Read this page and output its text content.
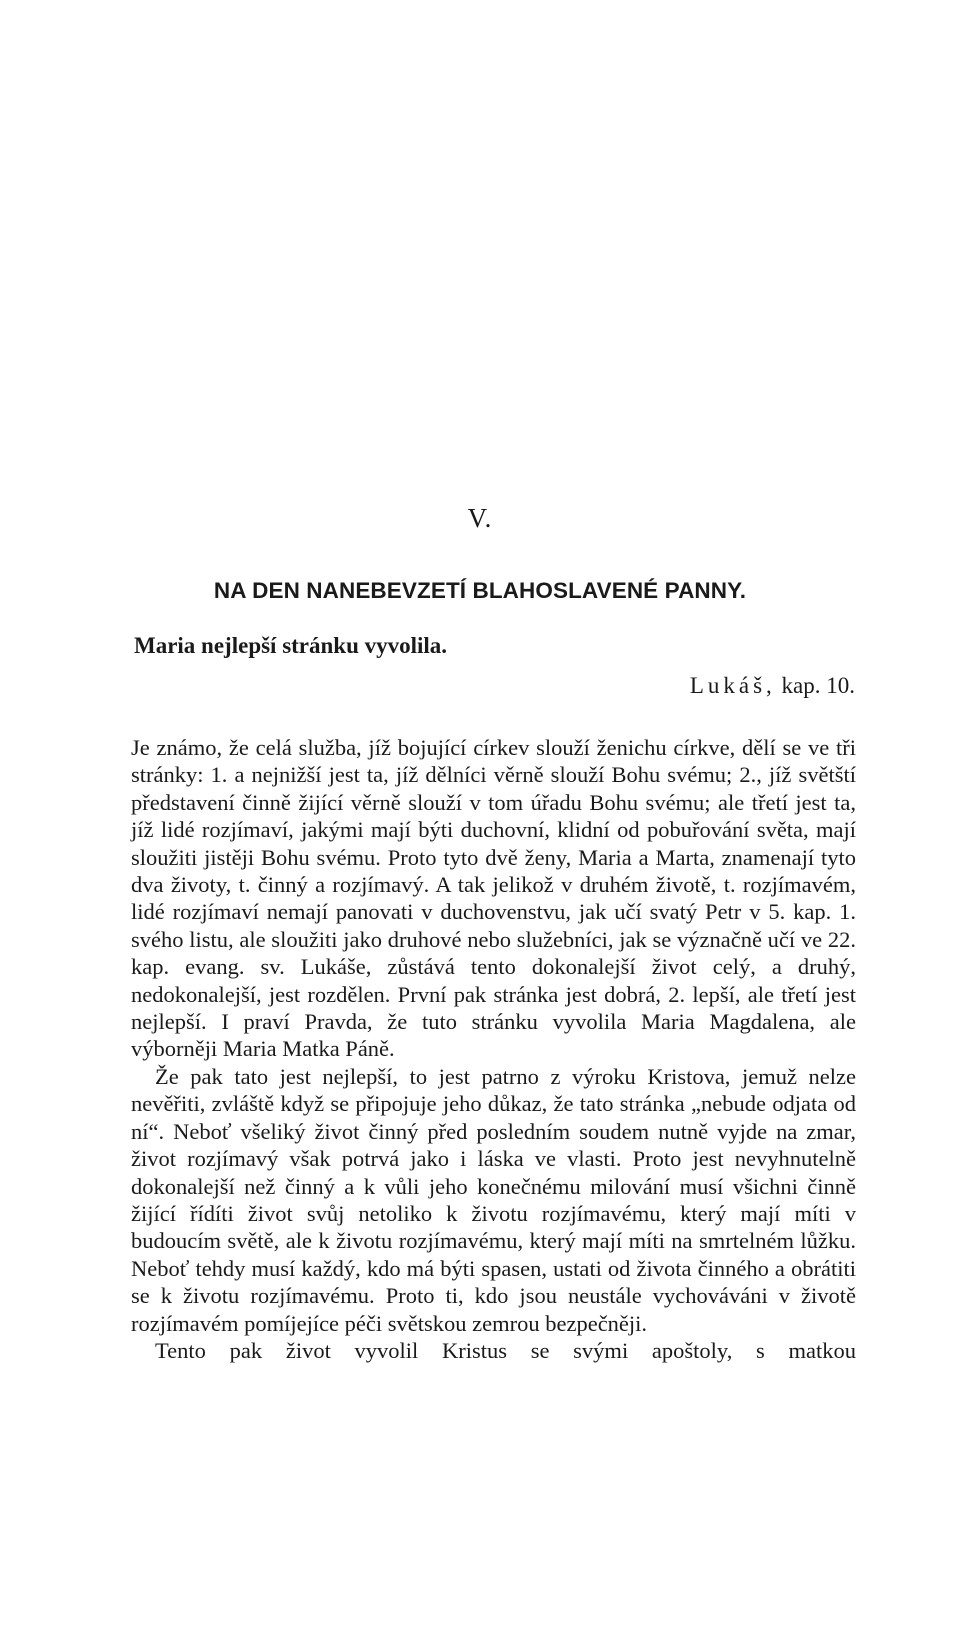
V.
NA DEN NANEBEVZETÍ BLAHOSLAVENÉ PANNY.
Maria nejlepší stránku vyvolila.
Lukáš, kap. 10.

Je známo, že celá služba, jíž bojující církev slouží ženichu církve, dělí se ve tři stránky: 1. a nejnižší jest ta, jíž dělníci věrně slouží Bohu svému; 2., jíž světští představení činně žijící věrně slouží v tom úřadu Bohu svému; ale třetí jest ta, jíž lidé rozjímaví, jakými mají býti duchovní, klidní od pobuřování světa, mají sloužiti jistěji Bohu svému. Proto tyto dvě ženy, Maria a Marta, znamenají tyto dva životy, t. činný a rozjímavý. A tak jelikož v druhém životě, t. rozjímavém, lidé rozjímaví nemají panovati v duchovenstvu, jak učí svatý Petr v 5. kap. 1. svého listu, ale sloužiti jako druhové nebo služebníci, jak se význačně učí ve 22. kap. evang. sv. Lukáše, zůstává tento dokonalejší život celý, a druhý, nedokonalejší, jest rozdělen. První pak stránka jest dobrá, 2. lepší, ale třetí jest nejlepší. I praví Pravda, že tuto stránku vyvolila Maria Magdalena, ale výborněji Maria Matka Páně.

Že pak tato jest nejlepší, to jest patrno z výroku Kristova, jemuž nelze nevěřiti, zvláště když se připojuje jeho důkaz, že tato stránka „nebude odjata od ní“. Neboť všeliký život činný před posledním soudem nutně vyjde na zmar, život rozjímavý však potrvá jako i láska ve vlasti. Proto jest nevyhnutelně dokonalejší než činný a k vůli jeho konečnému milování musí všichni činně žijící řídíti život svůj netoliko k životu rozjímavému, který mají míti v budoucím světě, ale k životu rozjímavému, který mají míti na smrtelném lůžku. Neboť tehdy musí každý, kdo má býti spasen, ustati od života činného a obrátiti se k životu rozjímavému. Proto ti, kdo jsou neustále vychováváni v životě rozjímavém pomíjejíce péči světskou zemrou bezpečněji.

Tento pak život vyvolil Kristus se svými apoštoly, s matkou
